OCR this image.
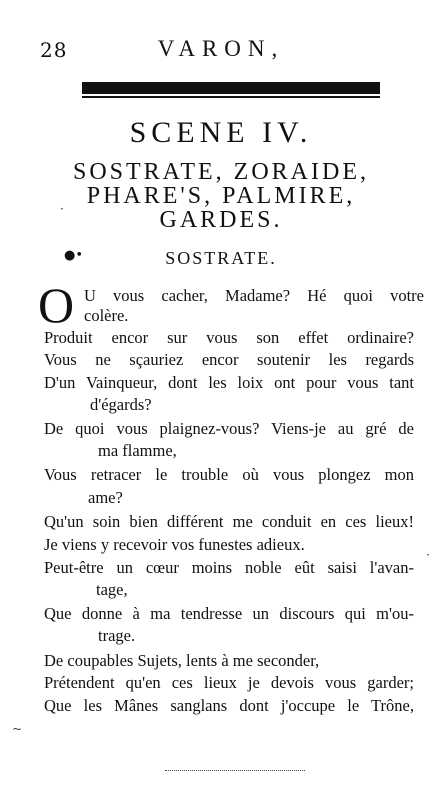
28	VARON,
SCENE IV.
SOSTRATE, ZORAIDE,
PHARE'S, PALMIRE,
GARDES.
●•	SOSTRATE.
O U vous cacher, Madame? Hé quoi votre
colère.
Produit encor sur vous son effet ordinaire?
Vous ne sçauriez encor soutenir les regards
D'un Vainqueur, dont les loix ont pour vous tant
d'égards?
De quoi vous plaignez-vous? Viens-je au gré de
ma flamme,
Vous retracer le trouble où vous plongez mon
ame?
Qu'un soin bien différent me conduit en ces lieux!
Je viens y recevoir vos funestes adieux.
Peut-être un cœur moins noble eût saisi l'avan-
tage,
Que donne à ma tendresse un discours qui m'ou-
trage.
De coupables Sujets, lents à me seconder,
Prétendent qu'en ces lieux je devois vous garder;
Que les Mânes sanglans dont j'occupe le Trône,
·
~
·
